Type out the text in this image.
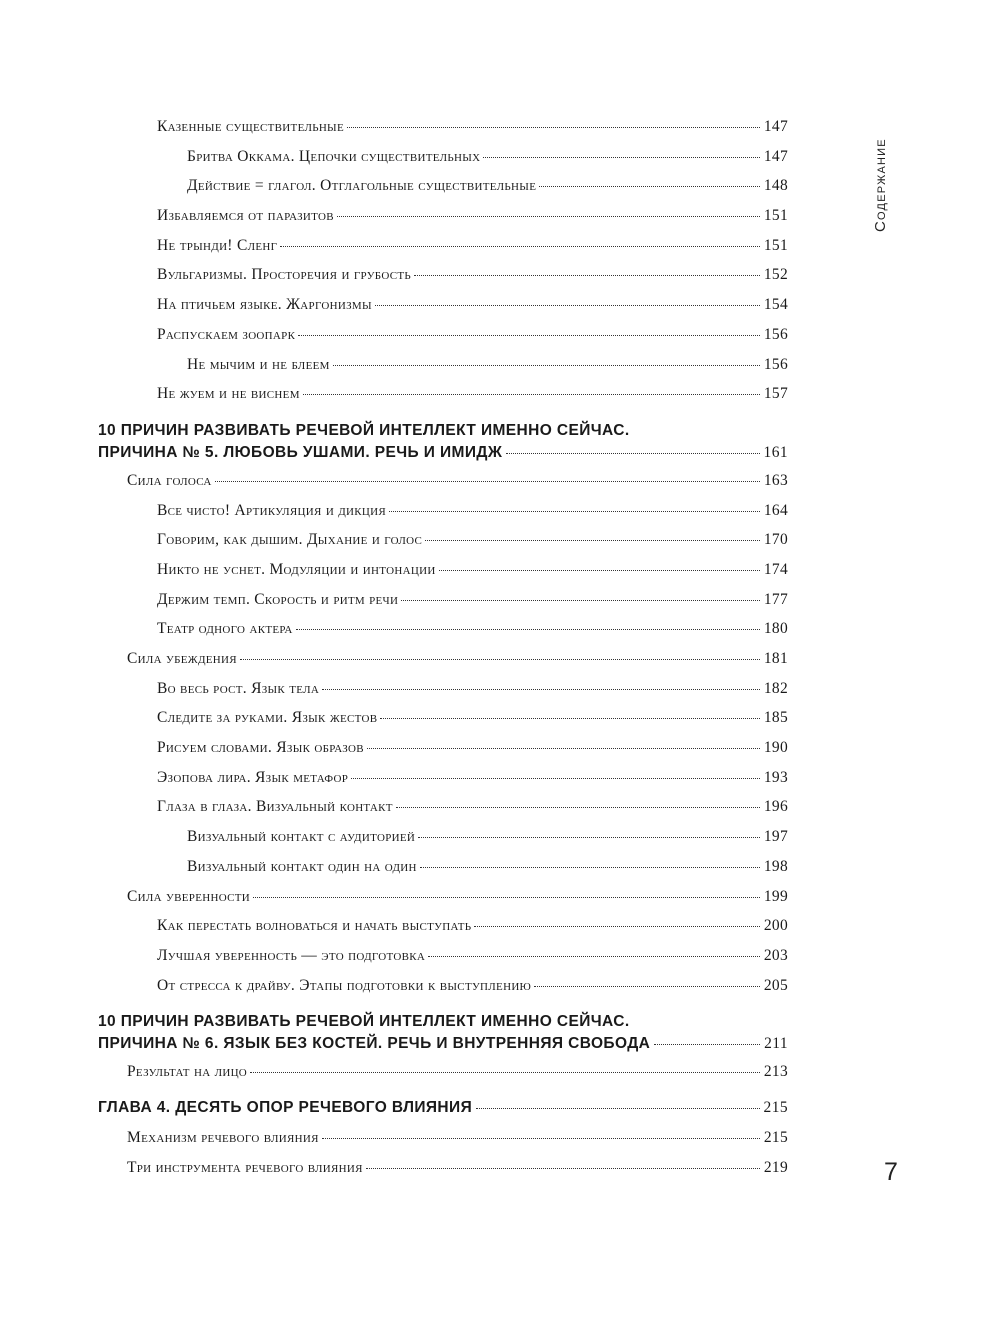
Содержание
Казенные существительные	147
Бритва Оккама. Цепочки существительных	147
Действие = глагол. Отглагольные существительные	148
Избавляемся от паразитов	151
Не трынди! Сленг	151
Вульгаризмы. Просторечия и грубость	152
На птичьем языке. Жаргонизмы	154
Распускаем зоопарк	156
Не мычим и не блеем	156
Не жуем и не виснем	157
10 ПРИЧИН РАЗВИВАТЬ РЕЧЕВОЙ ИНТЕЛЛЕКТ ИМЕННО СЕЙЧАС.
ПРИЧИНА № 5. ЛЮБОВЬ УШАМИ. РЕЧЬ И ИМИДЖ	161
Сила голоса	163
Все чисто! Артикуляция и дикция	164
Говорим, как дышим. Дыхание и голос	170
Никто не уснет. Модуляции и интонации	174
Держим темп. Скорость и ритм речи	177
Театр одного актера	180
Сила убеждения	181
Во весь рост. Язык тела	182
Следите за руками. Язык жестов	185
Рисуем словами. Язык образов	190
Эзопова лира. Язык метафор	193
Глаза в глаза. Визуальный контакт	196
Визуальный контакт с аудиторией	197
Визуальный контакт один на один	198
Сила уверенности	199
Как перестать волноваться и начать выступать	200
Лучшая уверенность — это подготовка	203
От стресса к драйву. Этапы подготовки к выступлению	205
10 ПРИЧИН РАЗВИВАТЬ РЕЧЕВОЙ ИНТЕЛЛЕКТ ИМЕННО СЕЙЧАС.
ПРИЧИНА № 6. ЯЗЫК БЕЗ КОСТЕЙ. РЕЧЬ И ВНУТРЕННЯЯ СВОБОДА	211
Результат на лицо	213
ГЛАВА 4. ДЕСЯТЬ ОПОР РЕЧЕВОГО ВЛИЯНИЯ	215
Механизм речевого влияния	215
Три инструмента речевого влияния	219	7
